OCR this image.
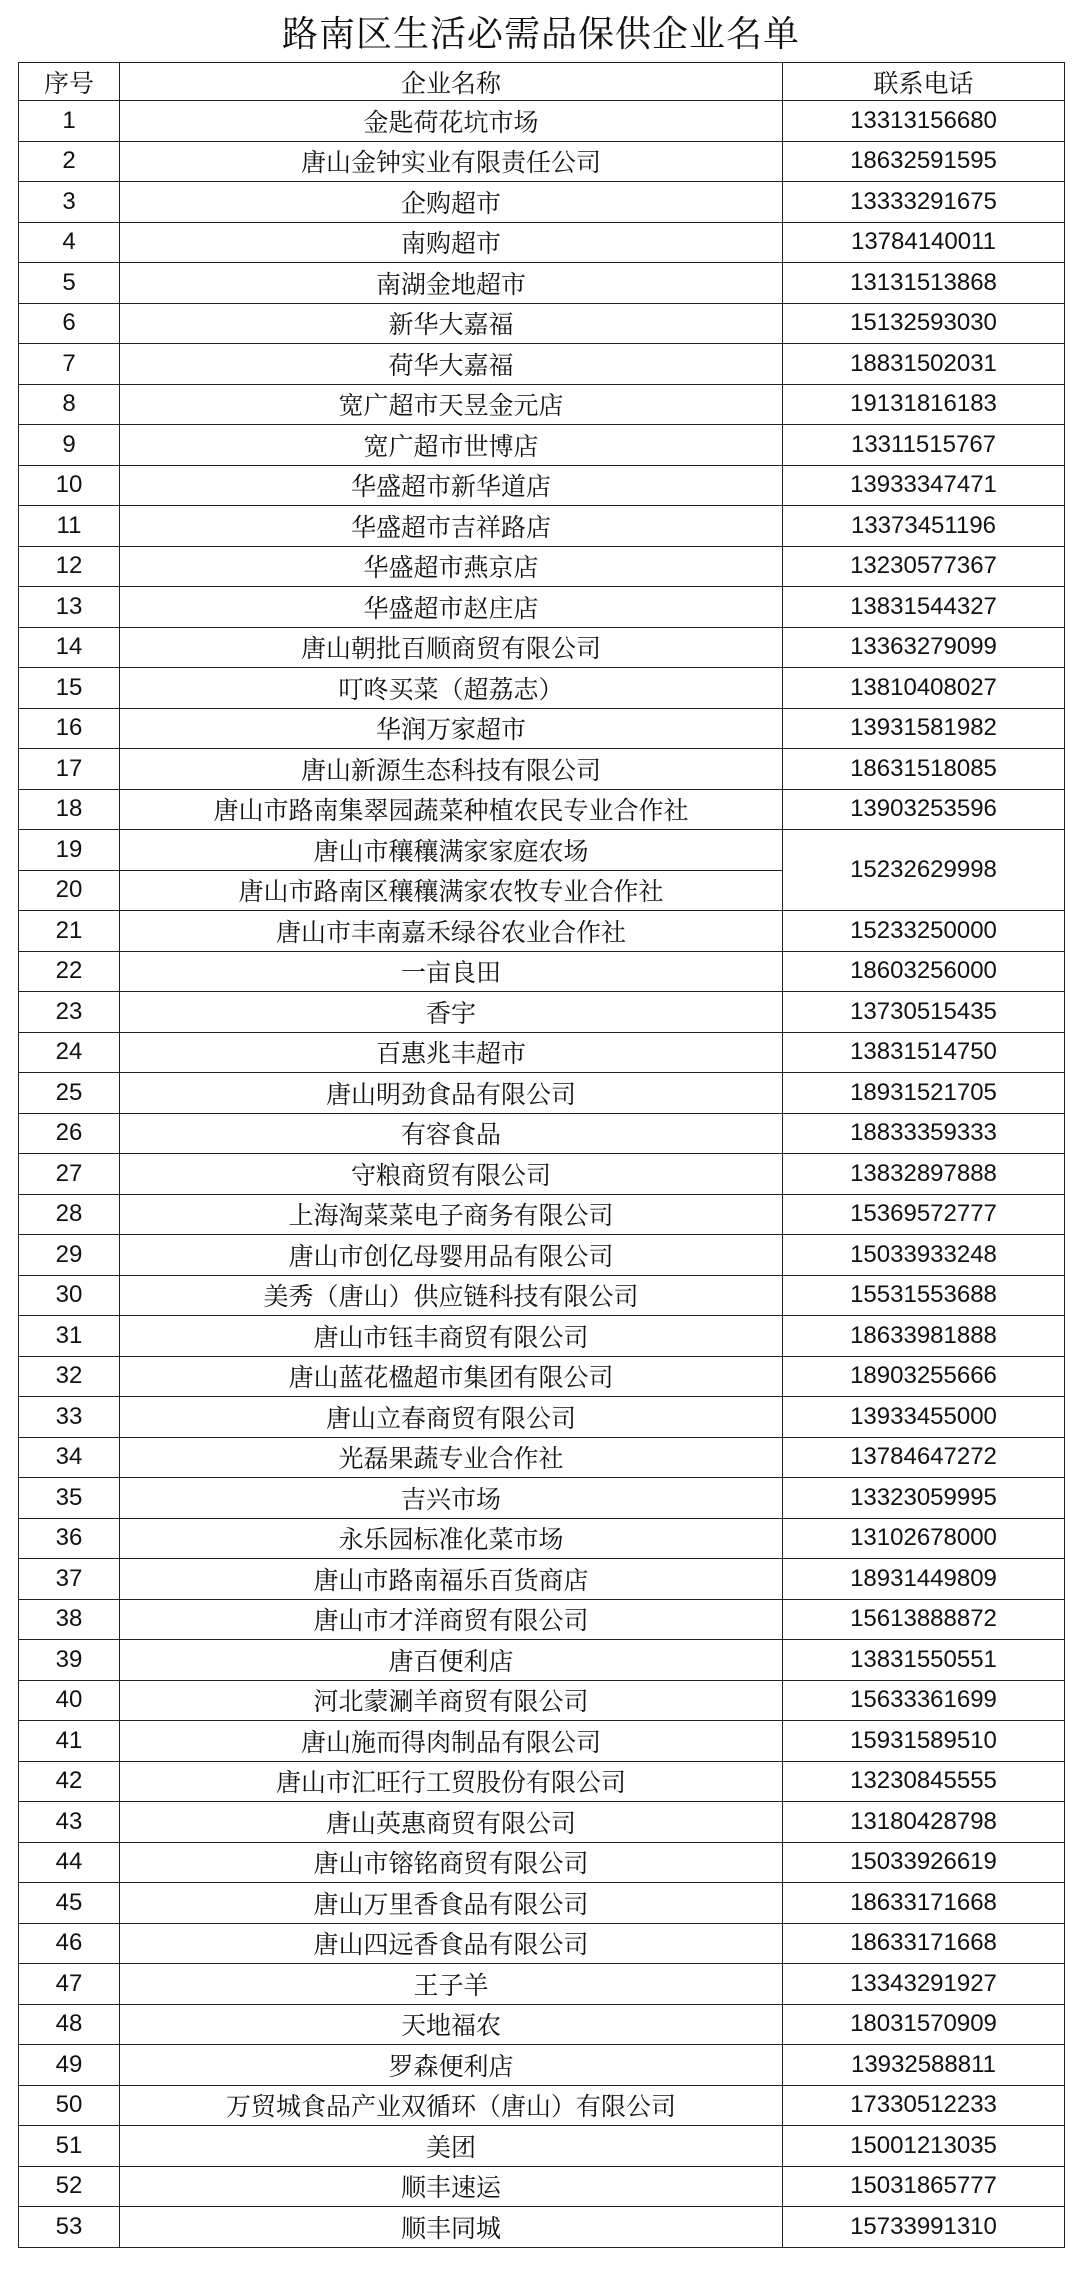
路南区生活必需品保供企业名单
序号	企业名称	联系电话
1	金匙荷花坑市场	13313156680
2	唐山金钟实业有限责任公司	18632591595
3	企购超市	13333291675
4	南购超市	13784140011
5	南湖金地超市	13131513868
6	新华大嘉福	15132593030
7	荷华大嘉福	18831502031
8	宽广超市天昱金元店	19131816183
9	宽广超市世博店	13311515767
10	华盛超市新华道店	13933347471
11	华盛超市吉祥路店	13373451196
12	华盛超市燕京店	13230577367
13	华盛超市赵庄店	13831544327
14	唐山朝批百顺商贸有限公司	13363279099
15	叮咚买菜（超荔志）	13810408027
16	华润万家超市	13931581982
17	唐山新源生态科技有限公司	18631518085
18	唐山市路南集翠园蔬菜种植农民专业合作社	13903253596
19	唐山市穰穰满家家庭农场	15232629998
20	唐山市路南区穰穰满家农牧专业合作社	
21	唐山市丰南嘉禾绿谷农业合作社	15233250000
22	一亩良田	18603256000
23	香宇	13730515435
24	百惠兆丰超市	13831514750
25	唐山明劲食品有限公司	18931521705
26	有容食品	18833359333
27	守粮商贸有限公司	13832897888
28	上海淘菜菜电子商务有限公司	15369572777
29	唐山市创亿母婴用品有限公司	15033933248
30	美秀（唐山）供应链科技有限公司	15531553688
31	唐山市钰丰商贸有限公司	18633981888
32	唐山蓝花楹超市集团有限公司	18903255666
33	唐山立春商贸有限公司	13933455000
34	光磊果蔬专业合作社	13784647272
35	吉兴市场	13323059995
36	永乐园标准化菜市场	13102678000
37	唐山市路南福乐百货商店	18931449809
38	唐山市才洋商贸有限公司	15613888872
39	唐百便利店	13831550551
40	河北蒙涮羊商贸有限公司	15633361699
41	唐山施而得肉制品有限公司	15931589510
42	唐山市汇旺行工贸股份有限公司	13230845555
43	唐山英惠商贸有限公司	13180428798
44	唐山市镕铭商贸有限公司	15033926619
45	唐山万里香食品有限公司	18633171668
46	唐山四远香食品有限公司	18633171668
47	王子羊	13343291927
48	天地福农	18031570909
49	罗森便利店	13932588811
50	万贸城食品产业双循环（唐山）有限公司	17330512233
51	美团	15001213035
52	顺丰速运	15031865777
53	顺丰同城	15733991310
